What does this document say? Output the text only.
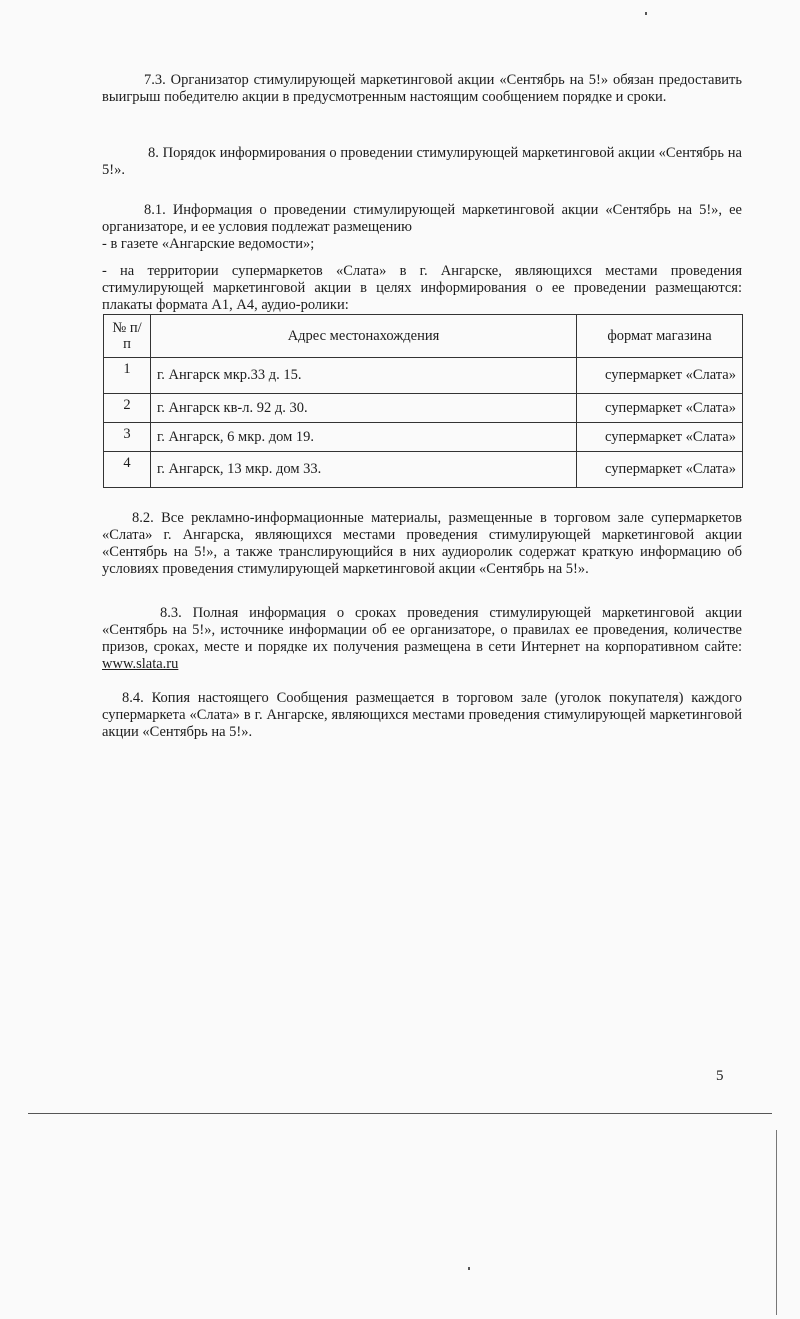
7.3. Организатор стимулирующей маркетинговой акции «Сентябрь на 5!» обязан предоставить выигрыш победителю акции в предусмотренным настоящим сообщением порядке и сроки.

8. Порядок информирования о проведении стимулирующей маркетинговой акции «Сентябрь на 5!».

8.1. Информация о проведении стимулирующей маркетинговой акции «Сентябрь на 5!», ее организаторе, и ее условия подлежат размещению

- в газете «Ангарские ведомости»;

- на территории супермаркетов «Слата» в г. Ангарске, являющихся местами проведения стимулирующей маркетинговой акции в целях информирования о ее проведении размещаются: плакаты формата А1, А4, аудио-ролики:

№ п/п	Адрес местонахождения	формат магазина
1	г. Ангарск мкр.33 д. 15.	супермаркет «Слата»
2	г. Ангарск кв-л. 92 д. 30.	супермаркет «Слата»
3	г. Ангарск, 6 мкр. дом 19.	супермаркет «Слата»
4	г. Ангарск, 13 мкр. дом 33.	супермаркет «Слата»

8.2. Все рекламно-информационные материалы, размещенные в торговом зале супермаркетов «Слата» г. Ангарска, являющихся местами проведения стимулирующей маркетинговой акции «Сентябрь на 5!», а также транслирующийся в них аудиоролик содержат краткую информацию об условиях проведения стимулирующей маркетинговой акции «Сентябрь на 5!».

8.3. Полная информация о сроках проведения стимулирующей маркетинговой акции «Сентябрь на 5!», источнике информации об ее организаторе, о правилах ее проведения, количестве призов, сроках, месте и порядке их получения размещена в сети Интернет на корпоративном сайте: www.slata.ru

8.4. Копия настоящего Сообщения размещается в торговом зале (уголок покупателя) каждого супермаркета «Слата» в г. Ангарске, являющихся местами проведения стимулирующей маркетинговой акции «Сентябрь на 5!».

5
